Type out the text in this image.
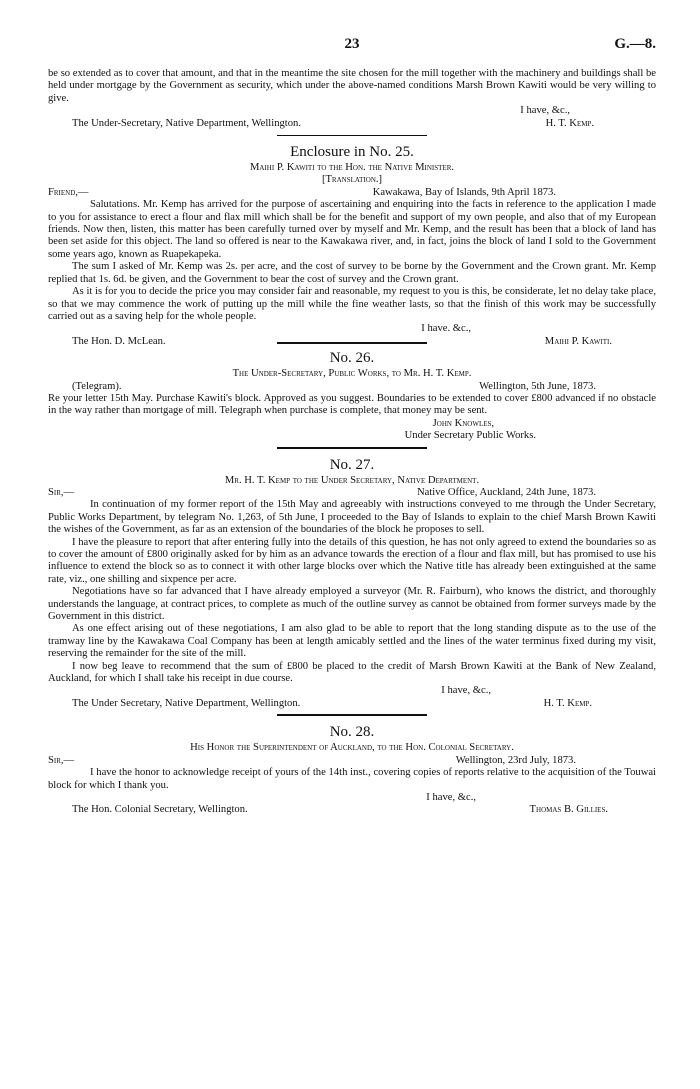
23	G.—8.

be so extended as to cover that amount, and that in the meantime the site chosen for the mill together with the machinery and buildings shall be held under mortgage by the Government as security, which under the above-named conditions Marsh Brown Kawiti would be very willing to give.

I have, &c.,
The Under-Secretary, Native Department, Wellington.	H. T. Kemp.
Enclosure in No. 25.
Maihi P. Kawiti to the Hon. the Native Minister.
[Translation.]
Friend,—	Kawakawa, Bay of Islands, 9th April 1873.

Salutations. Mr. Kemp has arrived for the purpose of ascertaining and enquiring into the facts in reference to the application I made to you for assistance to erect a flour and flax mill which shall be for the benefit and support of my own people, and also that of my European friends. Now then, listen, this matter has been carefully turned over by myself and Mr. Kemp, and the result has been that a block of land has been set aside for this object. The land so offered is near to the Kawakawa river, and, in fact, joins the block of land I sold to the Government some years ago, known as Ruapekapeka.

The sum I asked of Mr. Kemp was 2s. per acre, and the cost of survey to be borne by the Government and the Crown grant. Mr. Kemp replied that 1s. 6d. be given, and the Government to bear the cost of survey and the Crown grant.

As it is for you to decide the price you may consider fair and reasonable, my request to you is this, be considerate, let no delay take place, so that we may commence the work of putting up the mill while the fine weather lasts, so that the finish of this work may be successfully carried out as a saving help for the whole people.

I have. &c.,
The Hon. D. McLean.	Maihi P. Kawiti.
No. 26.
The Under-Secretary, Public Works, to Mr. H. T. Kemp.
(Telegram).	Wellington, 5th June, 1873.

Re your letter 15th May. Purchase Kawiti's block. Approved as you suggest. Boundaries to be extended to cover £800 advanced if no obstacle in the way rather than mortgage of mill. Telegraph when purchase is complete, that money may be sent.

John Knowles,
Under Secretary Public Works.
No. 27.
Mr. H. T. Kemp to the Under Secretary, Native Department.
Sir,—	Native Office, Auckland, 24th June, 1873.

In continuation of my former report of the 15th May and agreeably with instructions conveyed to me through the Under Secretary, Public Works Department, by telegram No. 1,263, of 5th June, I proceeded to the Bay of Islands to explain to the chief Marsh Brown Kawiti the wishes of the Government, as far as an extension of the boundaries of the block he proposes to sell.

I have the pleasure to report that after entering fully into the details of this question, he has not only agreed to extend the boundaries so as to cover the amount of £800 originally asked for by him as an advance towards the erection of a flour and flax mill, but has promised to use his influence to extend the block so as to connect it with other large blocks over which the Native title has already been extinguished at the same rate, viz., one shilling and sixpence per acre.

Negotiations have so far advanced that I have already employed a surveyor (Mr. R. Fairburn), who knows the district, and thoroughly understands the language, at contract prices, to complete as much of the outline survey as cannot be obtained from former surveys made by the Government in this district.

As one effect arising out of these negotiations, I am also glad to be able to report that the long standing dispute as to the use of the tramway line by the Kawakawa Coal Company has been at length amicably settled and the lines of the water terminus fixed during my visit, reserving the remainder for the site of the mill.

I now beg leave to recommend that the sum of £800 be placed to the credit of Marsh Brown Kawiti at the Bank of New Zealand, Auckland, for which I shall take his receipt in due course.

I have, &c.,
The Under Secretary, Native Department, Wellington.	H. T. Kemp.
No. 28.
His Honor the Superintendent of Auckland, to the Hon. Colonial Secretary.
Sir,—	Wellington, 23rd July, 1873.

I have the honor to acknowledge receipt of yours of the 14th inst., covering copies of reports relative to the acquisition of the Touwai block for which I thank you.

I have, &c.,
The Hon. Colonial Secretary, Wellington.	Thomas B. Gillies.
